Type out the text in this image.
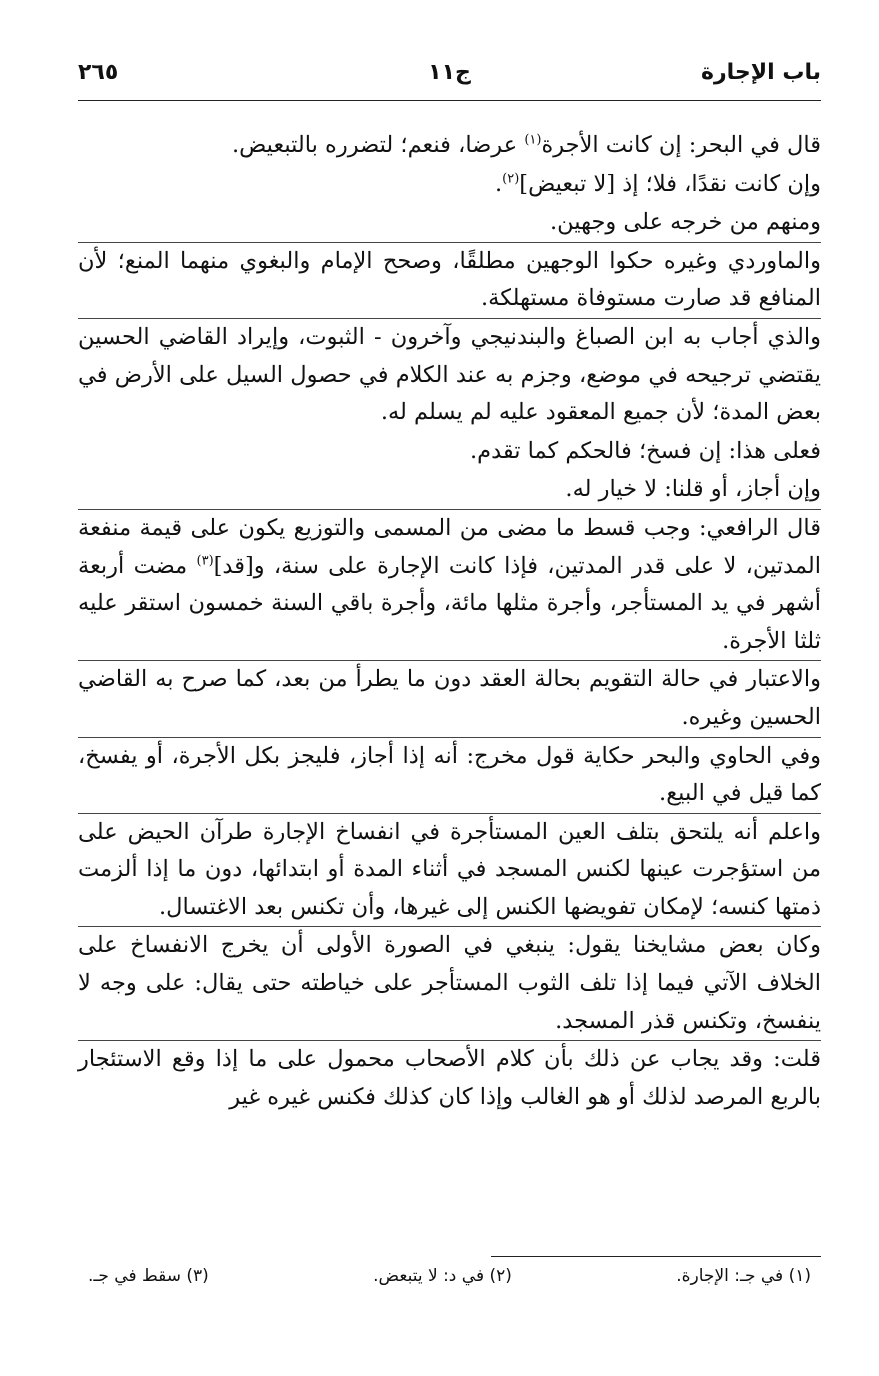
باب الإجارة
ج١١
٢٦٥

قال في البحر: إن كانت الأجرة$^{(١)}$ عرضا، فنعم؛ لتضرره بالتبعيض.

وإن كانت نقدًا، فلا؛ إذ [لا تبعيض]$^{(٢)}$.

ومنهم من خرجه على وجهين.

والماوردي وغيره حكوا الوجهين مطلقًا، وصحح الإمام والبغوي منهما المنع؛ لأن المنافع قد صارت مستوفاة مستهلكة.

والذي أجاب به ابن الصباغ والبندنيجي وآخرون - الثبوت، وإيراد القاضي الحسين يقتضي ترجيحه في موضع، وجزم به عند الكلام في حصول السيل على الأرض في بعض المدة؛ لأن جميع المعقود عليه لم يسلم له.

فعلى هذا: إن فسخ؛ فالحكم كما تقدم.

وإن أجاز، أو قلنا: لا خيار له.

قال الرافعي: وجب قسط ما مضى من المسمى والتوزيع يكون على قيمة منفعة المدتين، لا على قدر المدتين، فإذا كانت الإجارة على سنة، و[قد]$^{(٣)}$ مضت أربعة أشهر في يد المستأجر، وأجرة مثلها مائة، وأجرة باقي السنة خمسون استقر عليه ثلثا الأجرة.

والاعتبار في حالة التقويم بحالة العقد دون ما يطرأ من بعد، كما صرح به القاضي الحسين وغيره.

وفي الحاوي والبحر حكاية قول مخرج: أنه إذا أجاز، فليجز بكل الأجرة، أو يفسخ، كما قيل في البيع.

واعلم أنه يلتحق بتلف العين المستأجرة في انفساخ الإجارة طرآن الحيض على من استؤجرت عينها لكنس المسجد في أثناء المدة أو ابتدائها، دون ما إذا ألزمت ذمتها كنسه؛ لإمكان تفويضها الكنس إلى غيرها، وأن تكنس بعد الاغتسال.

وكان بعض مشايخنا يقول: ينبغي في الصورة الأولى أن يخرج الانفساخ على الخلاف الآتي فيما إذا تلف الثوب المستأجر على خياطته حتى يقال: على وجه لا ينفسخ، وتكنس قذر المسجد.

قلت: وقد يجاب عن ذلك بأن كلام الأصحاب محمول على ما إذا وقع الاستئجار بالربع المرصد لذلك أو هو الغالب وإذا كان كذلك فكنس غيره غير

(١) في جـ: الإجارة.
(٢) في د: لا يتبعض.
(٣) سقط في جـ.
